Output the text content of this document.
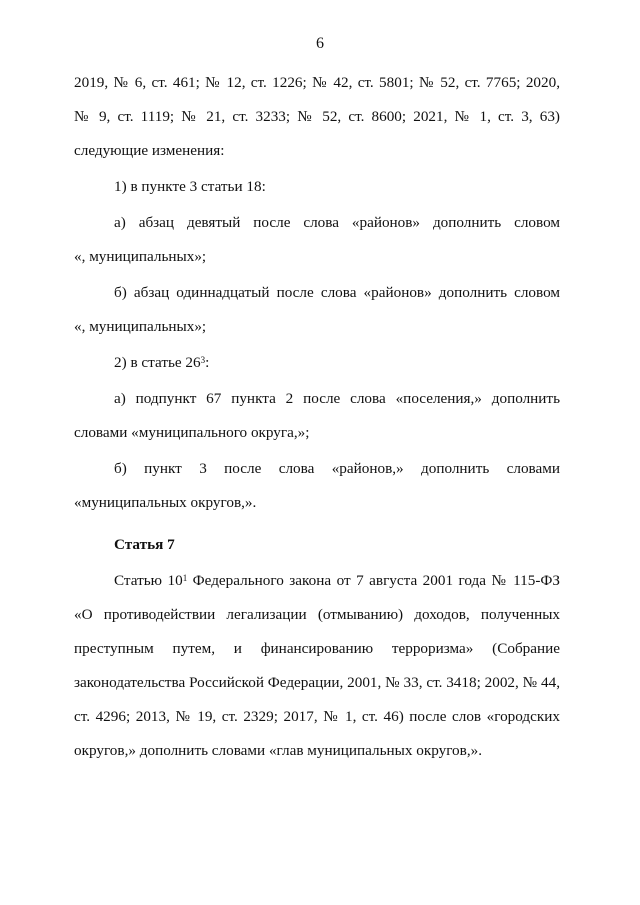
6
2019, № 6, ст. 461; № 12, ст. 1226; № 42, ст. 5801; № 52, ст. 7765; 2020,
№ 9, ст. 1119; № 21, ст. 3233; № 52, ст. 8600; 2021, № 1, ст. 3, 63)
следующие изменения:
1) в пункте 3 статьи 18:
а) абзац девятый после слова «районов» дополнить словом
«, муниципальных»;
б) абзац одиннадцатый после слова «районов» дополнить словом
«, муниципальных»;
2) в статье $26^3$:
а) подпункт 67 пункта 2 после слова «поселения,» дополнить
словами «муниципального округа,»;
б) пункт 3 после слова «районов,» дополнить словами
«муниципальных округов,».
Статья 7
Статью $10^1$ Федерального закона от 7 августа 2001 года № 115-ФЗ
«О противодействии легализации (отмыванию) доходов, полученных
преступным путем, и финансированию терроризма» (Собрание
законодательства Российской Федерации, 2001, № 33, ст. 3418; 2002, № 44,
ст. 4296; 2013, № 19, ст. 2329; 2017, № 1, ст. 46) после слов «городских
округов,» дополнить словами «глав муниципальных округов,».
